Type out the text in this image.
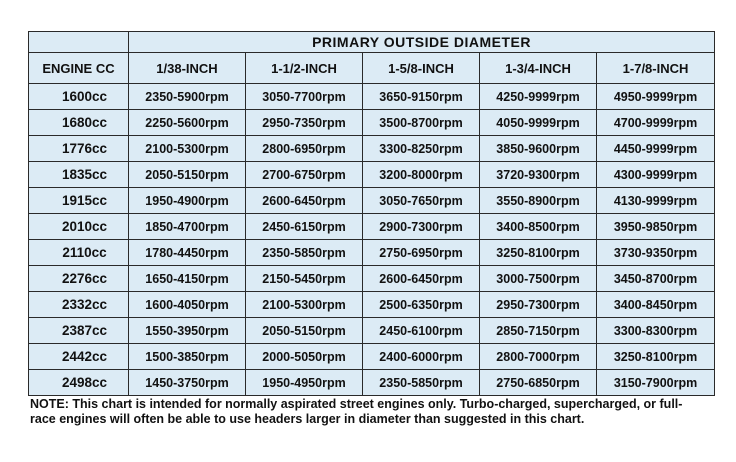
	PRIMARY OUTSIDE DIAMETER				
ENGINE CC	1/38-INCH	1-1/2-INCH	1-5/8-INCH	1-3/4-INCH	1-7/8-INCH
1600cc	2350-5900rpm	3050-7700rpm	3650-9150rpm	4250-9999rpm	4950-9999rpm
1680cc	2250-5600rpm	2950-7350rpm	3500-8700rpm	4050-9999rpm	4700-9999rpm
1776cc	2100-5300rpm	2800-6950rpm	3300-8250rpm	3850-9600rpm	4450-9999rpm
1835cc	2050-5150rpm	2700-6750rpm	3200-8000rpm	3720-9300rpm	4300-9999rpm
1915cc	1950-4900rpm	2600-6450rpm	3050-7650rpm	3550-8900rpm	4130-9999rpm
2010cc	1850-4700rpm	2450-6150rpm	2900-7300rpm	3400-8500rpm	3950-9850rpm
2110cc	1780-4450rpm	2350-5850rpm	2750-6950rpm	3250-8100rpm	3730-9350rpm
2276cc	1650-4150rpm	2150-5450rpm	2600-6450rpm	3000-7500rpm	3450-8700rpm
2332cc	1600-4050rpm	2100-5300rpm	2500-6350rpm	2950-7300rpm	3400-8450rpm
2387cc	1550-3950rpm	2050-5150rpm	2450-6100rpm	2850-7150rpm	3300-8300rpm
2442cc	1500-3850rpm	2000-5050rpm	2400-6000rpm	2800-7000rpm	3250-8100rpm
2498cc	1450-3750rpm	1950-4950rpm	2350-5850rpm	2750-6850rpm	3150-7900rpm
NOTE: This chart is intended for normally aspirated street engines only. Turbo-charged, supercharged, or full-race engines will often be able to use headers larger in diameter than suggested in this chart.
